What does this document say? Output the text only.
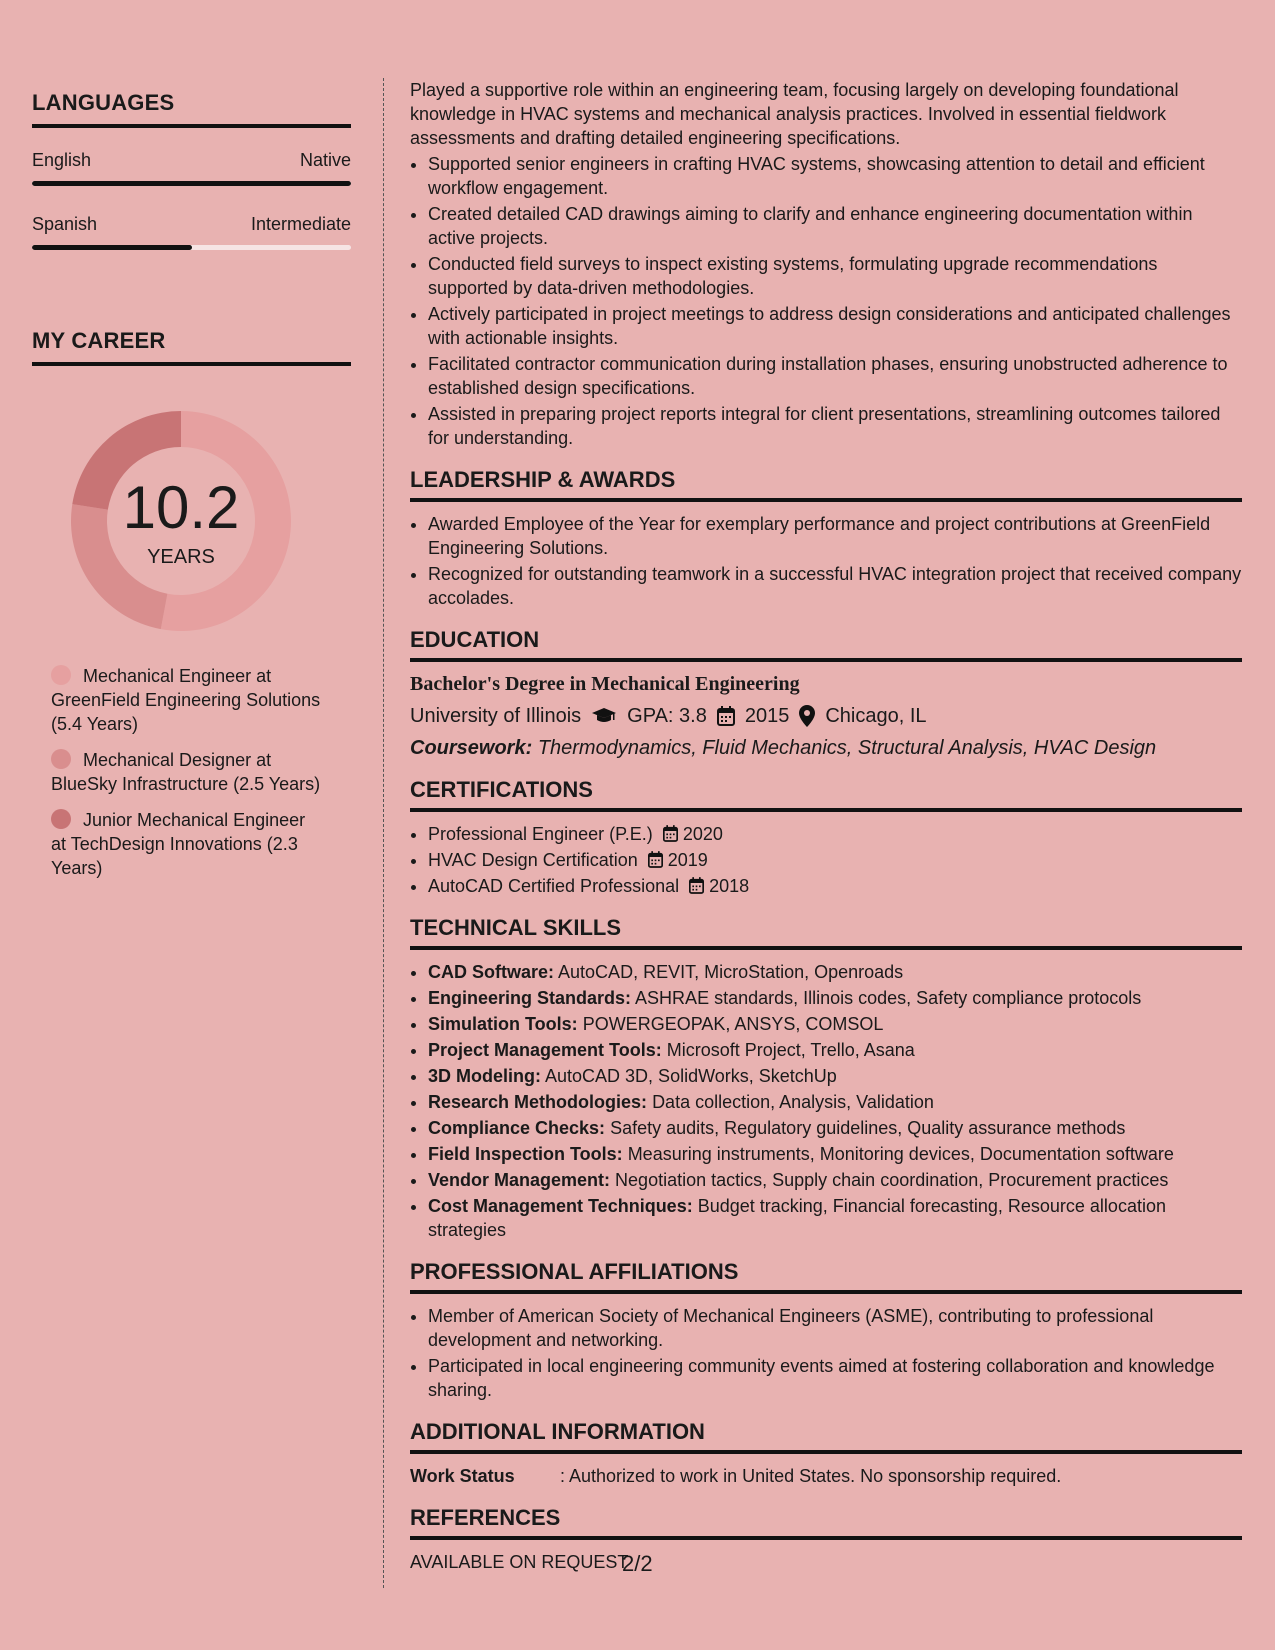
LANGUAGES
English	Native
Spanish	Intermediate
MY CAREER
10.2
YEARS
Mechanical Engineer at GreenField Engineering Solutions (5.4 Years)
Mechanical Designer at BlueSky Infrastructure (2.5 Years)
Junior Mechanical Engineer at TechDesign Innovations (2.3 Years)

Played a supportive role within an engineering team, focusing largely on developing foundational knowledge in HVAC systems and mechanical analysis practices. Involved in essential fieldwork assessments and drafting detailed engineering specifications.

• Supported senior engineers in crafting HVAC systems, showcasing attention to detail and efficient workflow engagement.
• Created detailed CAD drawings aiming to clarify and enhance engineering documentation within active projects.
• Conducted field surveys to inspect existing systems, formulating upgrade recommendations supported by data-driven methodologies.
• Actively participated in project meetings to address design considerations and anticipated challenges with actionable insights.
• Facilitated contractor communication during installation phases, ensuring unobstructed adherence to established design specifications.
• Assisted in preparing project reports integral for client presentations, streamlining outcomes tailored for understanding.
LEADERSHIP & AWARDS
• Awarded Employee of the Year for exemplary performance and project contributions at GreenField Engineering Solutions.
• Recognized for outstanding teamwork in a successful HVAC integration project that received company accolades.
EDUCATION
Bachelor's Degree in Mechanical Engineering
University of Illinois GPA: 3.8 2015 Chicago, IL
Coursework: Thermodynamics, Fluid Mechanics, Structural Analysis, HVAC Design
CERTIFICATIONS
• Professional Engineer (P.E.) 2020
• HVAC Design Certification 2019
• AutoCAD Certified Professional 2018
TECHNICAL SKILLS
• CAD Software: AutoCAD, REVIT, MicroStation, Openroads
• Engineering Standards: ASHRAE standards, Illinois codes, Safety compliance protocols
• Simulation Tools: POWERGEOPAK, ANSYS, COMSOL
• Project Management Tools: Microsoft Project, Trello, Asana
• 3D Modeling: AutoCAD 3D, SolidWorks, SketchUp
• Research Methodologies: Data collection, Analysis, Validation
• Compliance Checks: Safety audits, Regulatory guidelines, Quality assurance methods
• Field Inspection Tools: Measuring instruments, Monitoring devices, Documentation software
• Vendor Management: Negotiation tactics, Supply chain coordination, Procurement practices
• Cost Management Techniques: Budget tracking, Financial forecasting, Resource allocation strategies
PROFESSIONAL AFFILIATIONS
• Member of American Society of Mechanical Engineers (ASME), contributing to professional development and networking.
• Participated in local engineering community events aimed at fostering collaboration and knowledge sharing.
ADDITIONAL INFORMATION
Work Status	: Authorized to work in United States. No sponsorship required.
REFERENCES
AVAILABLE ON REQUEST
2/2
